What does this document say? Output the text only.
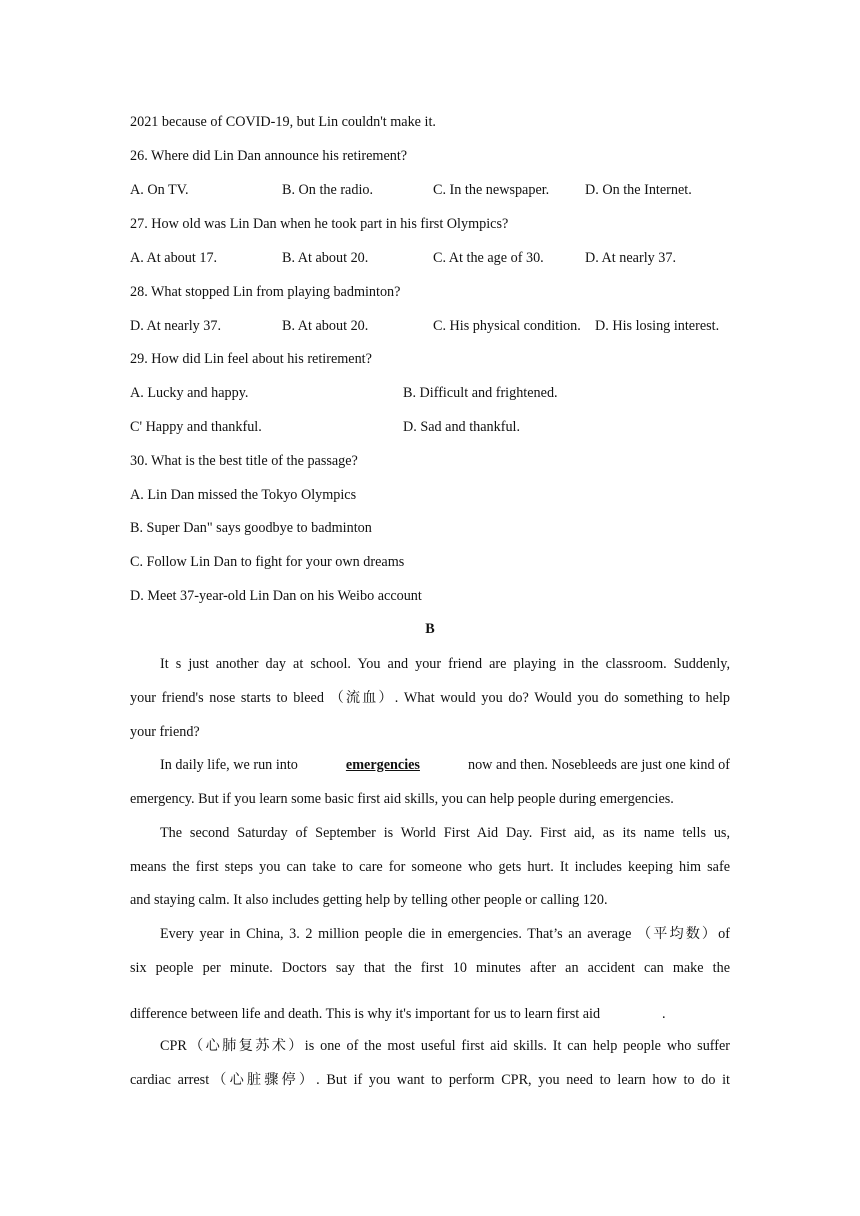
2021 because of COVID-19, but Lin couldn't make it.
26. Where did Lin Dan announce his retirement?
A. On TV.	B. On the radio.	C. In the newspaper.	D. On the Internet.
27. How old was Lin Dan when he took part in his first Olympics?
A. At about 17.	B. At about 20.	C. At the age of 30.	D. At nearly 37.
28. What stopped Lin from playing badminton?
D. At nearly 37.	B. At about 20.	C. His physical condition. D. His losing interest.
29. How did Lin feel about his retirement?
A. Lucky and happy.	B. Difficult and frightened.
C' Happy and thankful.	D. Sad and thankful.
30. What is the best title of the passage?
A. Lin Dan missed the Tokyo Olympics
B. Super Dan" says goodbye to badminton
C. Follow Lin Dan to fight for your own dreams
D. Meet 37-year-old Lin Dan on his Weibo account
B
It s just another day at school. You and your friend are playing in the classroom. Suddenly,
your friend's nose starts to bleed （流血）. What would you do? Would you do something to help
your friend?
In daily life, we run into	emergencies	now and then. Nosebleeds are just one kind of
emergency. But if you learn some basic first aid skills, you can help people during emergencies.
The second Saturday of September is World First Aid Day. First aid, as its name tells us,
means the first steps you can take to care for someone who gets hurt. It includes keeping him safe
and staying calm. It also includes getting help by telling other people or calling 120.
Every year in China, 3. 2 million people die in emergencies. That’s an average （平均数）of
six people per minute. Doctors say that the first 10 minutes after an accident can make the
difference between life and death. This is why it's important for us to learn first aid	.
CPR（心肺复苏术）is one of the most useful first aid skills. It can help people who suffer
cardiac arrest（心脏骤停）. But if you want to perform CPR, you need to learn how to do it
